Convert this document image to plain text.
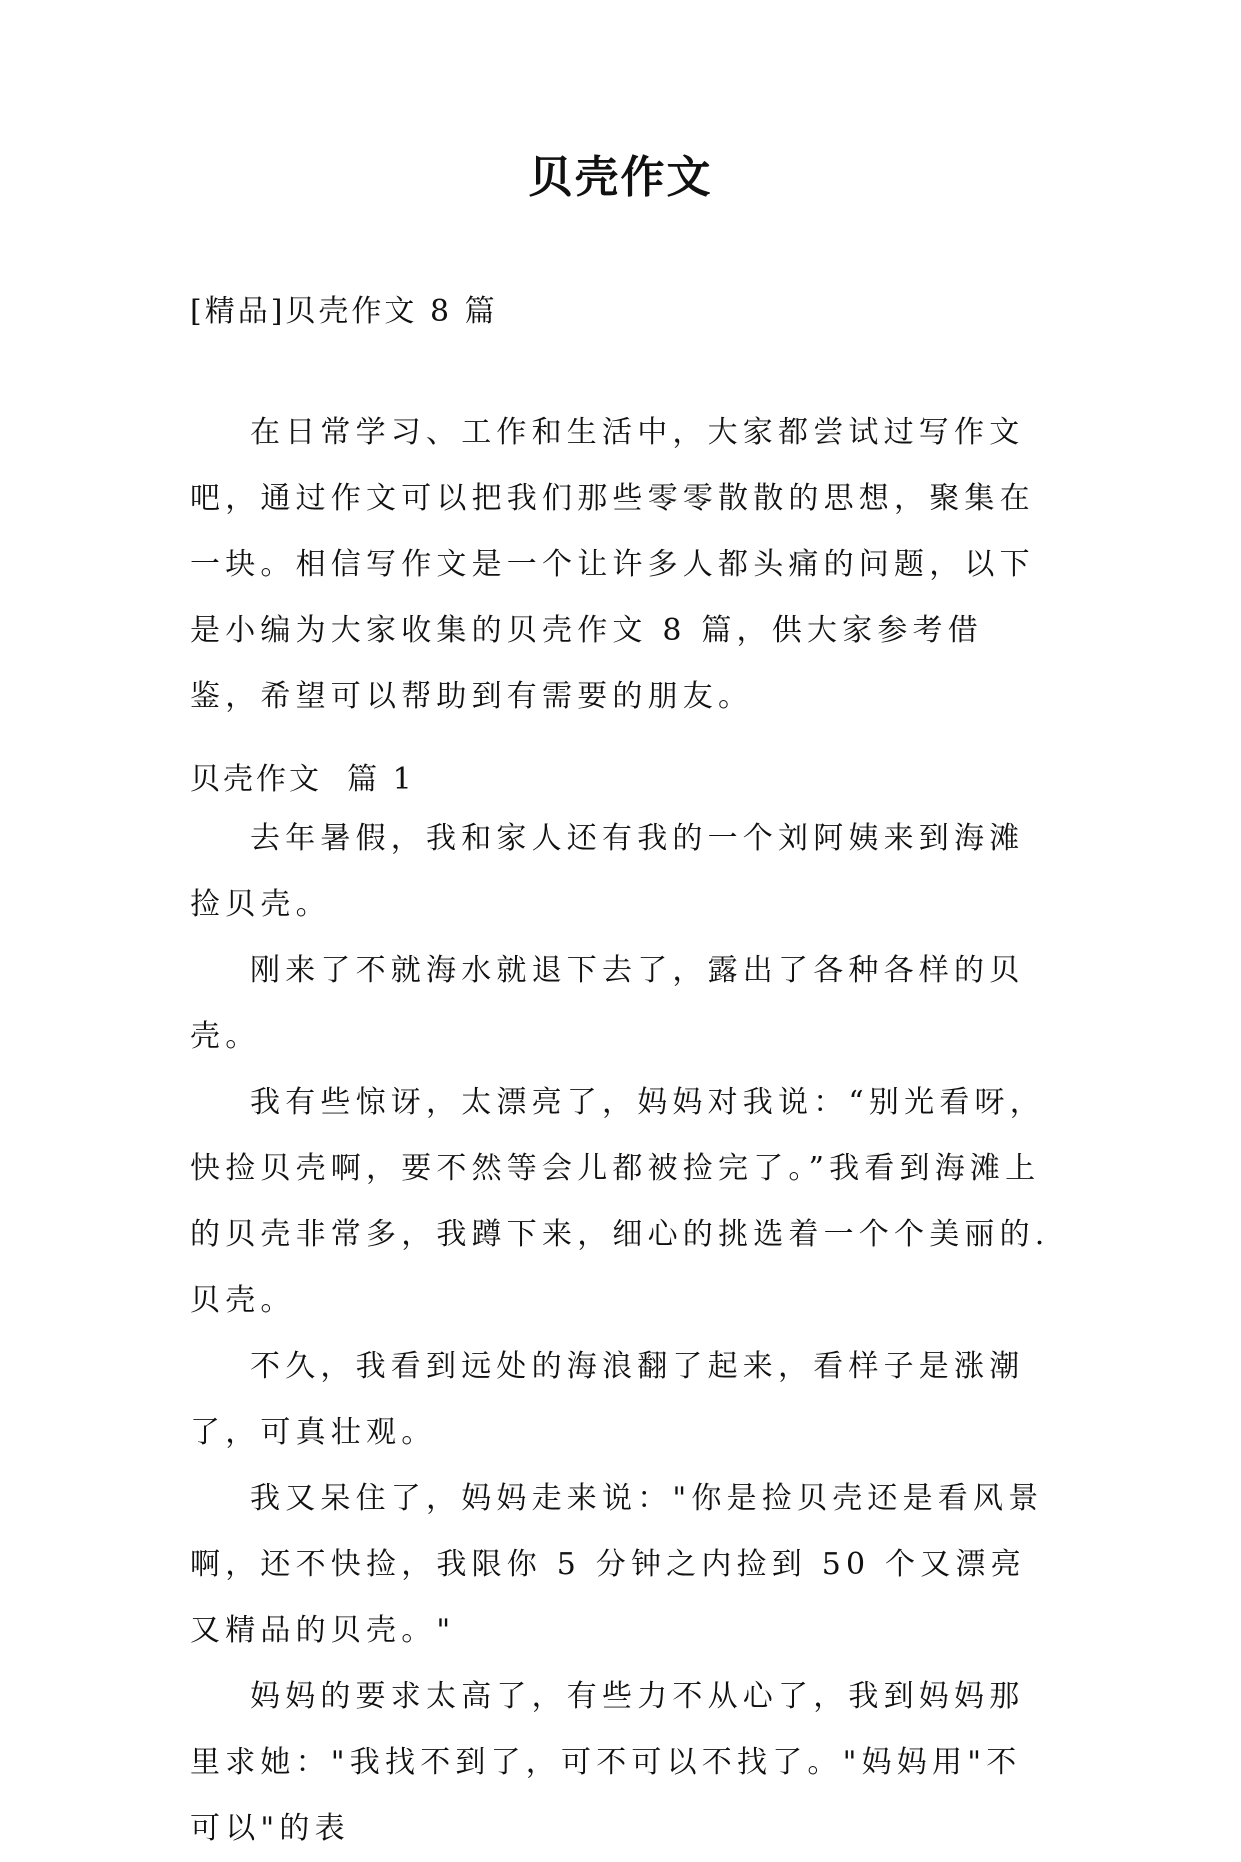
贝壳作文
[精品]贝壳作文 8 篇

在日常学习、工作和生活中，大家都尝试过写作文吧，通过作文可以把我们那些零零散散的思想，聚集在一块。相信写作文是一个让许多人都头痛的问题，以下是小编为大家收集的贝壳作文 8 篇，供大家参考借鉴，希望可以帮助到有需要的朋友。

贝壳作文  篇 1

去年暑假，我和家人还有我的一个刘阿姨来到海滩捡贝壳。

刚来了不就海水就退下去了，露出了各种各样的贝壳。

我有些惊讶，太漂亮了，妈妈对我说：“别光看呀，快捡贝壳啊，要不然等会儿都被捡完了。”我看到海滩上的贝壳非常多，我蹲下来，细心的挑选着一个个美丽的. 贝壳。

不久，我看到远处的海浪翻了起来，看样子是涨潮了，可真壮观。

我又呆住了，妈妈走来说："你是捡贝壳还是看风景啊，还不快捡，我限你 5 分钟之内捡到 50 个又漂亮又精品的贝壳。"

妈妈的要求太高了，有些力不从心了，我到妈妈那里求她："我找不到了，可不可以不找了。"妈妈用"不可以"的表
